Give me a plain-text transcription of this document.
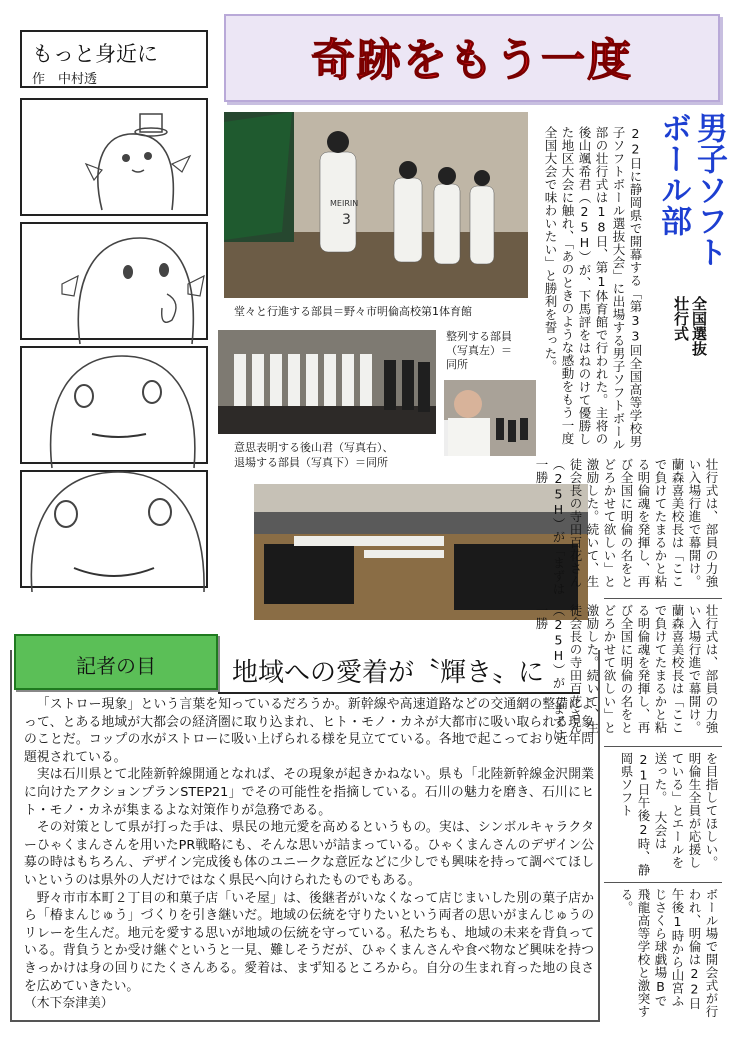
もっと身近に
作　中村透	奇跡をもう一度
MEIRIN
3
堂々と行進する部員＝野々市明倫高校第1体育館
意思表明する後山君（写真右）、
退場する部員（写真下）＝同所
整列する部員
（写真左）＝
同所
男子ソフト
ボール部
全国選抜
壮行式
22日に静岡県で開幕する「第33回全国高等学校男子ソフトボール選抜大会」に出場する男子ソフトボール部の壮行式は18日、第1体育館で行われた。主将の後山颯希君（25H）が、下馬評をはねのけて優勝した地区大会に触れ、「あのときのような感動をもう一度全国大会で味わいたい」と勝利を誓った。
壮行式は、部員の力強い入場行進で幕開け。蘭森喜美校長は「ここで負けてたまるかと粘る明倫魂を発揮し、再び全国に明倫の名をとどろかせて欲しい」と激励した。続いて、生徒会長の寺田百花さん（25H）が「まずは一勝
壮行式は、部員の力強い入場行進で幕開け。蘭森喜美校長は「ここで負けてたまるかと粘る明倫魂を発揮し、再び全国に明倫の名をとどろかせて欲しい」と激励した。続いて、生徒会長の寺田百花さん（25H）が「まずは一勝
を目指してほしい。明倫生全員が応援している」とエールを送った。　大会は21日午後2時、静岡県ソフト
ボール場で開会式が行われ、明倫は22日午後1時から山宮ふじさくら球戯場Bで飛龍高等学校と激突する。
記者の目	地域への愛着が〝輝き〟に

「ストロー現象」という言葉を知っているだろうか。新幹線や高速道路などの交通網の整備によって、とある地域が大都会の経済圏に取り込まれ、ヒト・モノ・カネが大都市に吸い取られる現象のことだ。コップの水がストローに吸い上げられる様を見立てている。各地で起こっており近年問題視されている。

実は石川県とて北陸新幹線開通となれば、その現象が起きかねない。県も「北陸新幹線金沢開業に向けたアクションプランSTEP21」でその可能性を指摘している。石川の魅力を磨き、石川にヒト・モノ・カネが集まるよな対策作りが急務である。

その対策として県が打った手は、県民の地元愛を高めるというもの。実は、シンボルキャラクターひゃくまんさんを用いたPR戦略にも、そんな思いが詰まっている。ひゃくまんさんのデザイン公募の時はもちろん、デザイン完成後も体のユニークな意匠などに少しでも興味を持って調べてほしいというのは県外の人だけではなく県民へ向けられたものでもある。

野々市市本町２丁目の和菓子店「いそ屋」は、後継者がいなくなって店じまいした別の菓子店から「椿まんじゅう」づくりを引き継いだ。地域の伝統を守りたいという両者の思いがまんじゅうのリレーを生んだ。地元を愛する思いが地域の伝統を守っている。私たちも、地域の未来を背負っている。背負うとか受け継ぐというと一見、難しそうだが、ひゃくまんさんや食べ物など興味を持つきっかけは身の回りにたくさんある。愛着は、まず知るところから。自分の生まれ育った地の良さを広めていきたい。

（木下奈津美）
